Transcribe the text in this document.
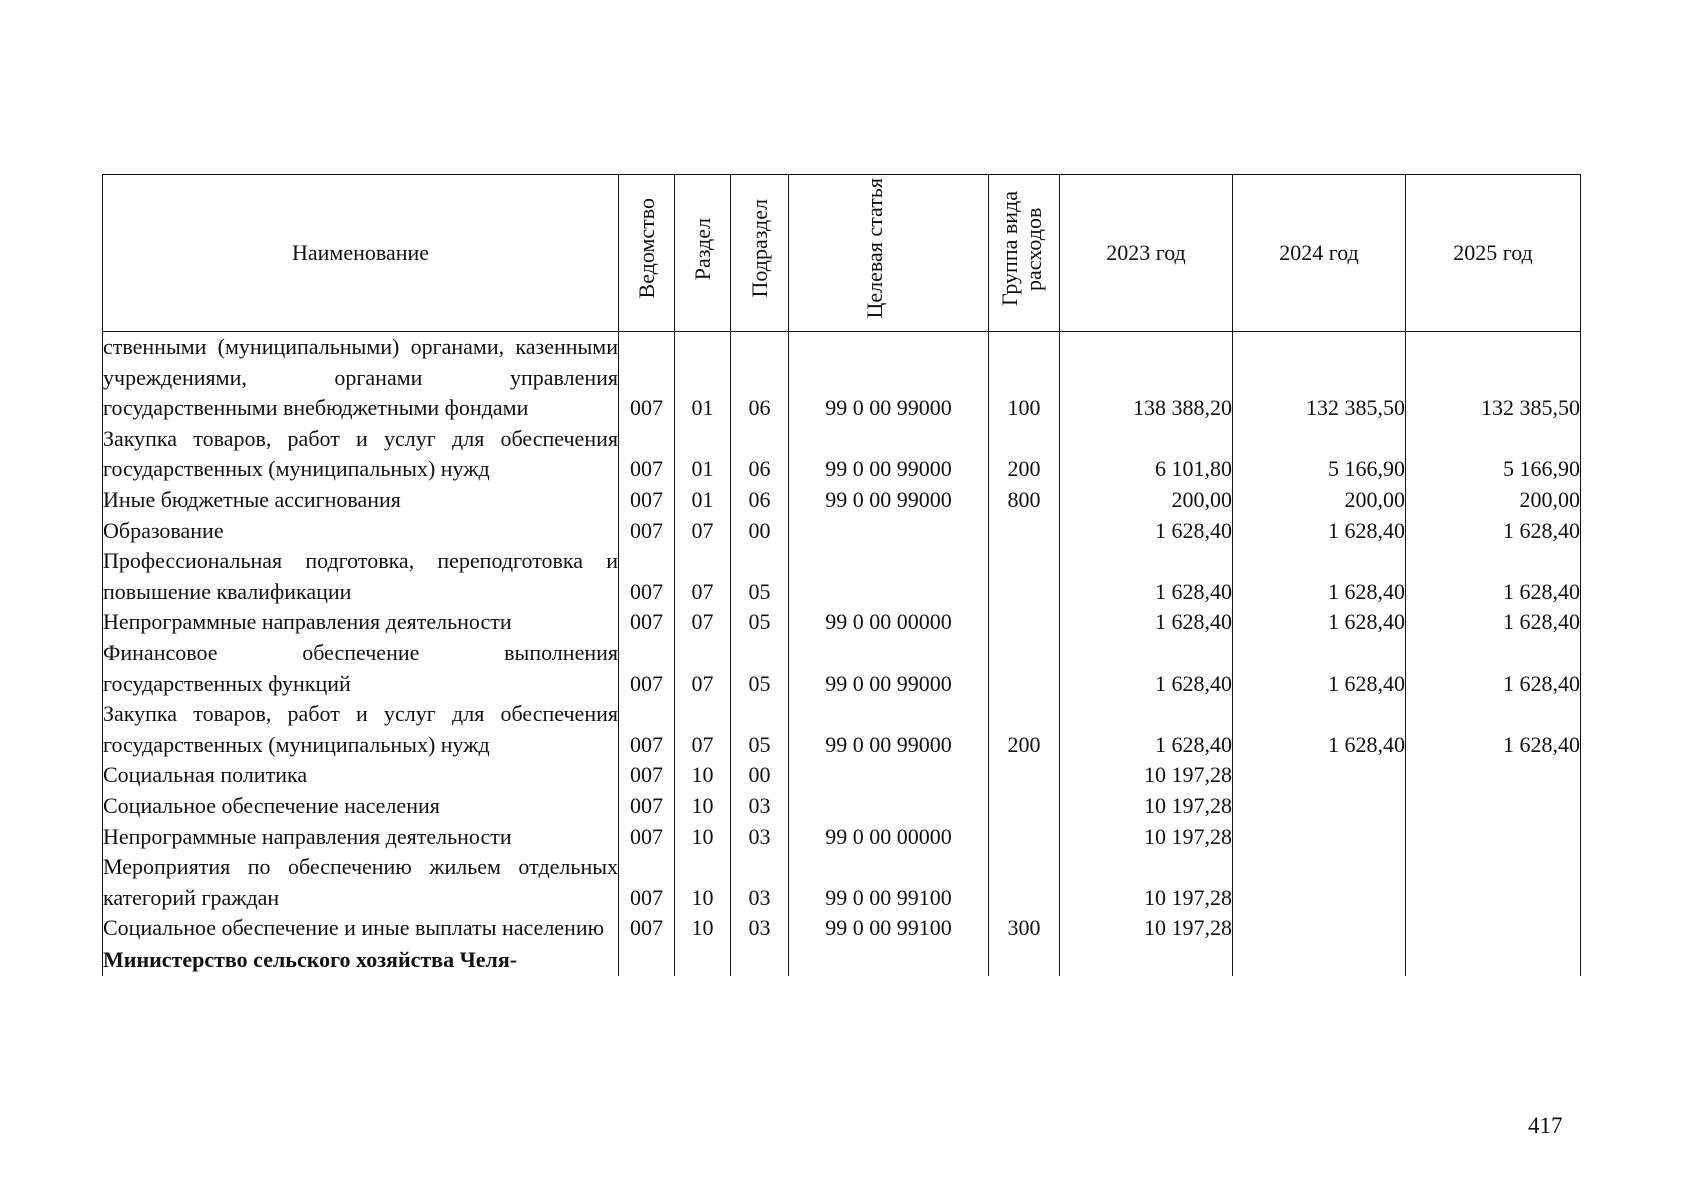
Наименование	Ведомство	Раздел	Подраздел	Целевая статья	Группа вида расходов	2023 год	2024 год	2025 год
ственными (муниципальными) органами, казенными учреждениями, органами управления государственными внебюджетными фондами	007	01	06	99 0 00 99000	100	138 388,20	132 385,50	132 385,50
Закупка товаров, работ и услуг для обеспечения государственных (муниципальных) нужд	007	01	06	99 0 00 99000	200	6 101,80	5 166,90	5 166,90
Иные бюджетные ассигнования	007	01	06	99 0 00 99000	800	200,00	200,00	200,00
Образование	007	07	00			1 628,40	1 628,40	1 628,40
Профессиональная подготовка, переподготовка и повышение квалификации	007	07	05			1 628,40	1 628,40	1 628,40
Непрограммные направления деятельности	007	07	05	99 0 00 00000		1 628,40	1 628,40	1 628,40
Финансовое обеспечение выполнения государственных функций	007	07	05	99 0 00 99000		1 628,40	1 628,40	1 628,40
Закупка товаров, работ и услуг для обеспечения государственных (муниципальных) нужд	007	07	05	99 0 00 99000	200	1 628,40	1 628,40	1 628,40
Социальная политика	007	10	00			10 197,28		
Социальное обеспечение населения	007	10	03			10 197,28		
Непрограммные направления деятельности	007	10	03	99 0 00 00000		10 197,28		
Мероприятия по обеспечению жильем отдельных категорий граждан	007	10	03	99 0 00 99100		10 197,28		
Социальное обеспечение и иные выплаты населению	007	10	03	99 0 00 99100	300	10 197,28		
Министерство сельского хозяйства Челя-								
417
